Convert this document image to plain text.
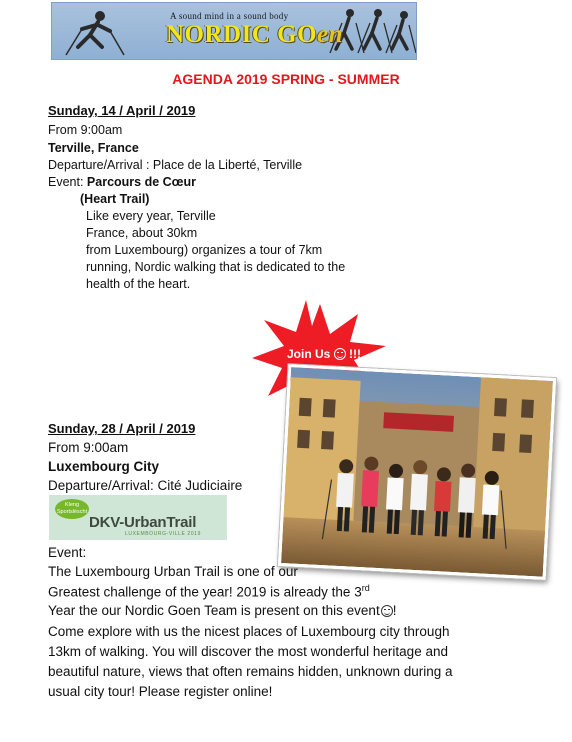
A sound mind in a sound body
NORDIC GOen
AGENDA 2019 SPRING - SUMMER
Sunday, 14 / April / 2019
From 9:00am
Terville, France
Departure/Arrival : Place de la Liberté, Terville
Event: Parcours de Cœur
(Heart Trail)
Like every year, Terville
France, about 30km
from Luxembourg) organizes a tour of 7km
running, Nordic walking that is dedicated to the
health of the heart.
Join Us !!!
Sunday, 28 / April / 2019
From 9:00am
Luxembourg City
Departure/Arrival: Cité Judiciaire
Kleng Sportslëscht
DKV-UrbanTrail
LUXEMBOURG-VILLE 2019
Event:
The Luxembourg Urban Trail is one of our
Greatest challenge of the year! 2019 is already the 3rd
Year the our Nordic Goen Team is present on this event !
Come explore with us the nicest places of Luxembourg city through
13km of walking. You will discover the most wonderful heritage and
beautiful nature, views that often remains hidden, unknown during a
usual city tour! Please register online!
